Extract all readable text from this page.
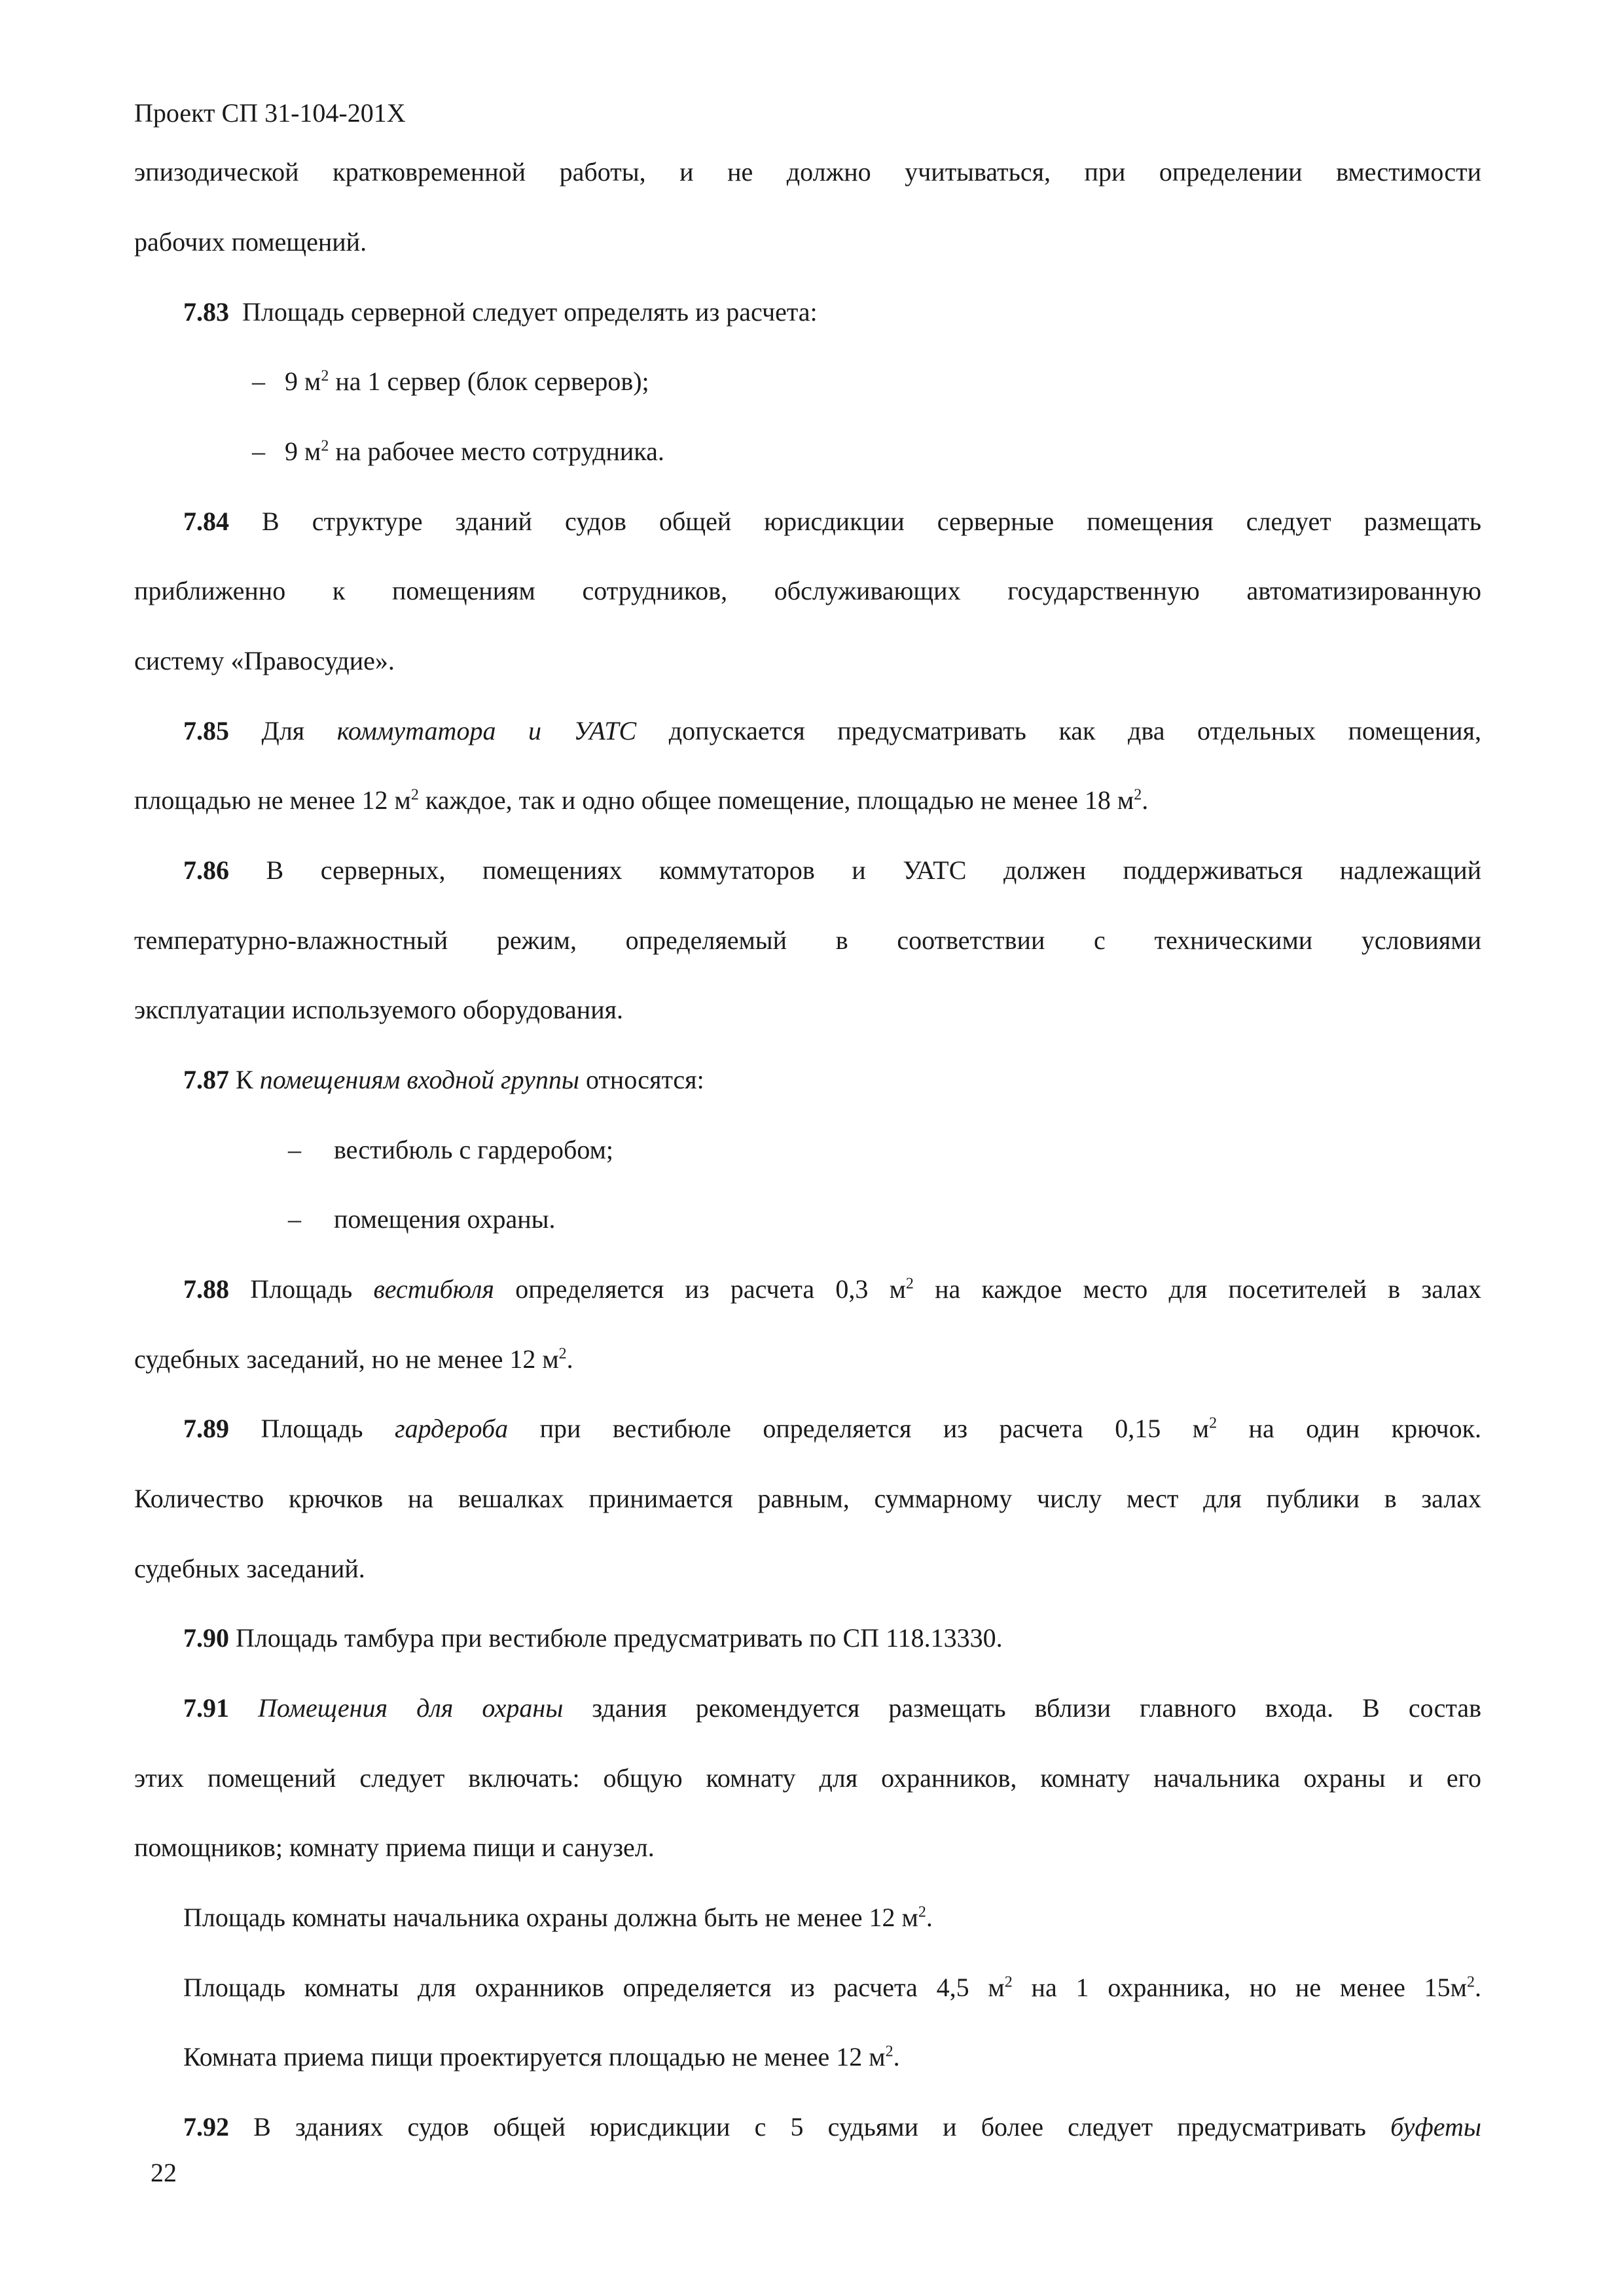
Проект СП 31-104-201Х
эпизодической кратковременной работы, и не должно учитываться, при определении вместимости
рабочих помещений.
7.83 Площадь серверной следует определять из расчета:
– 9 $м^2$ на 1 сервер (блок серверов);
– 9 $м^2$ на рабочее место сотрудника.
7.84 В структуре зданий судов общей юрисдикции серверные помещения следует размещать
приближенно к помещениям сотрудников, обслуживающих государственную автоматизированную
систему «Правосудие».
7.85 Для коммутатора и УАТС допускается предусматривать как два отдельных помещения,
площадью не менее 12 $м^2$ каждое, так и одно общее помещение, площадью не менее 18 $м^2$.
7.86 В серверных, помещениях коммутаторов и УАТС должен поддерживаться надлежащий
температурно-влажностный режим, определяемый в соответствии с техническими условиями
эксплуатации используемого оборудования.
7.87 К помещениям входной группы относятся:
– вестибюль с гардеробом;
– помещения охраны.
7.88 Площадь вестибюля определяется из расчета 0,3 $м^2$ на каждое место для посетителей в залах
судебных заседаний, но не менее 12 $м^2$.
7.89 Площадь гардероба при вестибюле определяется из расчета 0,15 $м^2$ на один крючок.
Количество крючков на вешалках принимается равным, суммарному числу мест для публики в залах
судебных заседаний.
7.90 Площадь тамбура при вестибюле предусматривать по СП 118.13330.
7.91 Помещения для охраны здания рекомендуется размещать вблизи главного входа. В состав
этих помещений следует включать: общую комнату для охранников, комнату начальника охраны и его
помощников; комнату приема пищи и санузел.
Площадь комнаты начальника охраны должна быть не менее 12 $м^2$.
Площадь комнаты для охранников определяется из расчета 4,5 $м^2$ на 1 охранника, но не менее $15м^2$.
Комната приема пищи проектируется площадью не менее 12 $м^2$.
7.92 В зданиях судов общей юрисдикции с 5 судьями и более следует предусматривать буфеты
22
